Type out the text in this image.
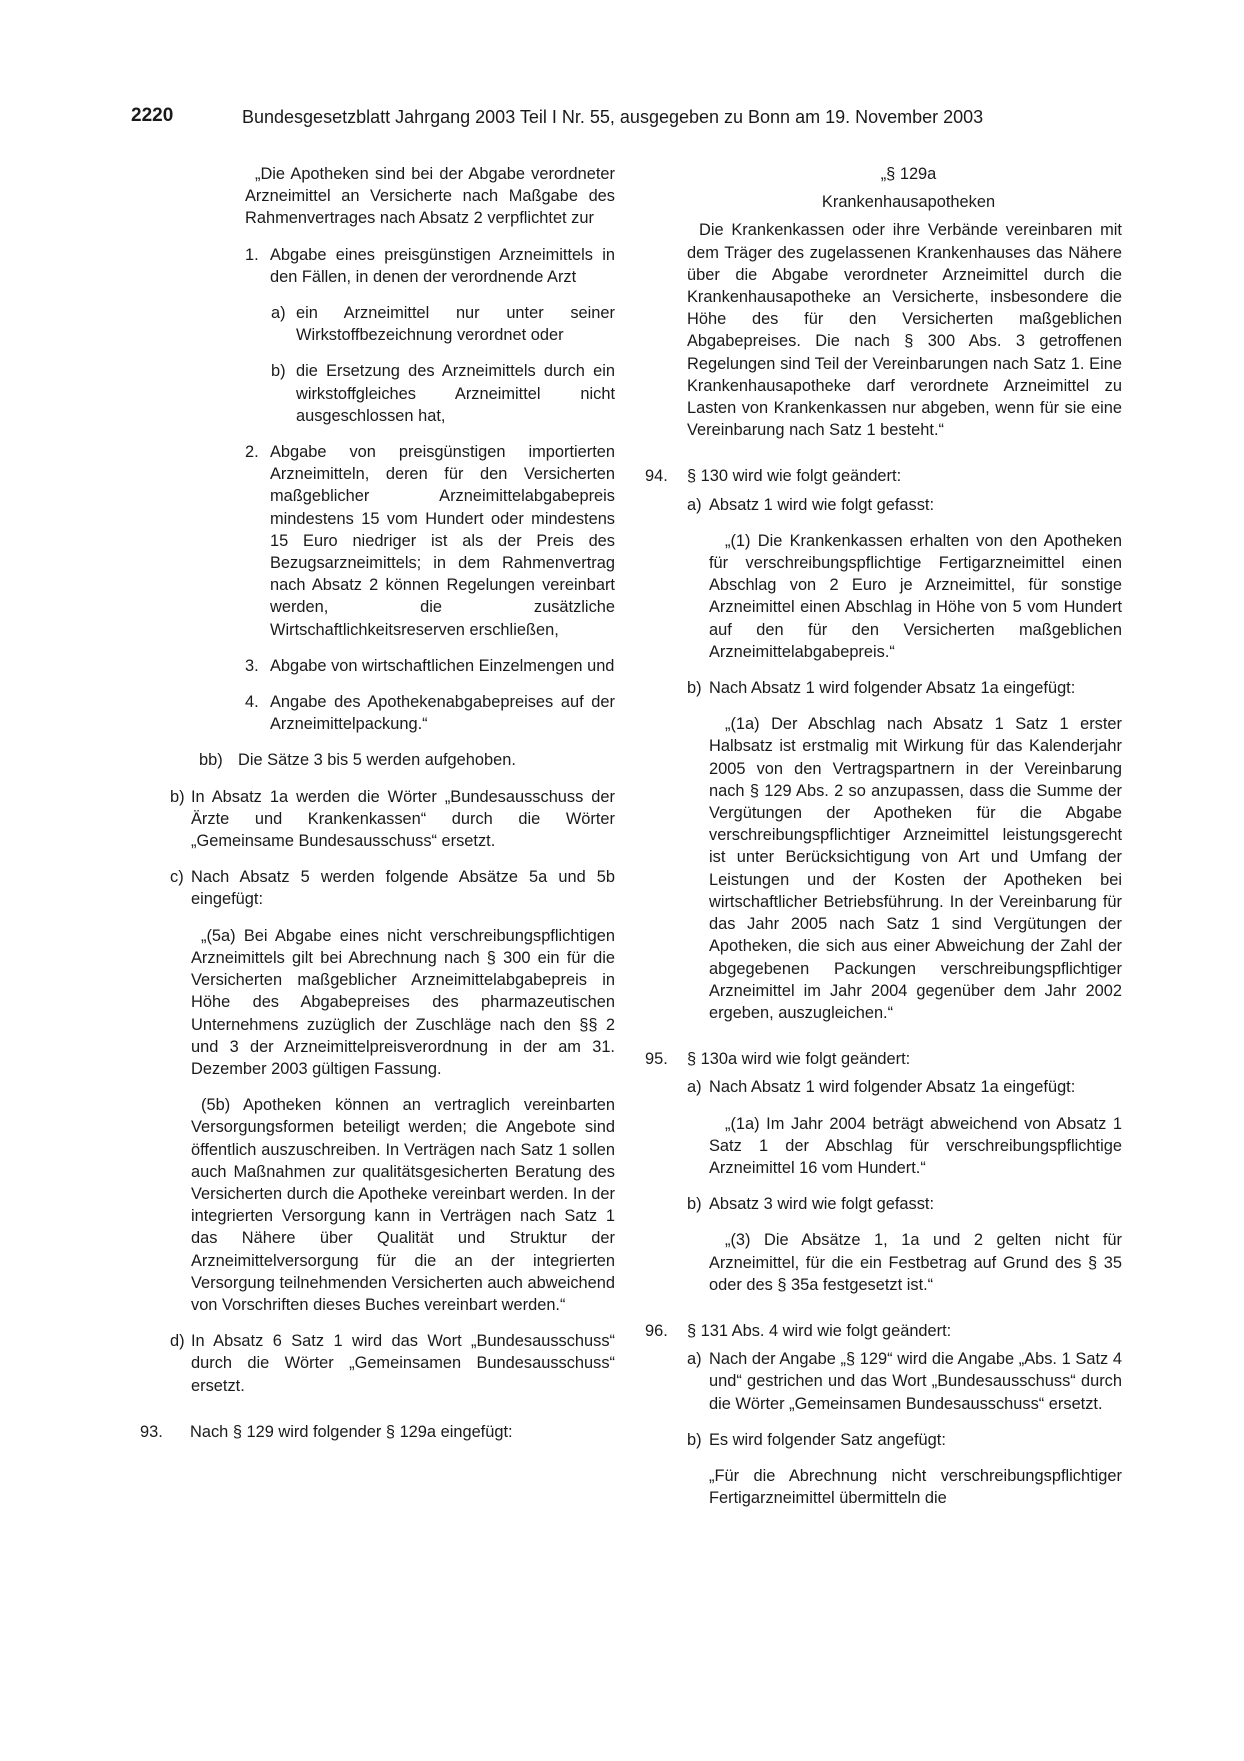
2220	Bundesgesetzblatt Jahrgang 2003 Teil I Nr. 55, ausgegeben zu Bonn am 19. November 2003

„Die Apotheken sind bei der Abgabe verordneter Arzneimittel an Versicherte nach Maßgabe des Rahmenvertrages nach Absatz 2 verpflichtet zur

1. Abgabe eines preisgünstigen Arzneimittels in den Fällen, in denen der verordnende Arzt
a) ein Arzneimittel nur unter seiner Wirkstoffbezeichnung verordnet oder
b) die Ersetzung des Arzneimittels durch ein wirkstoffgleiches Arzneimittel nicht ausgeschlossen hat,
2. Abgabe von preisgünstigen importierten Arzneimitteln, deren für den Versicherten maßgeblicher Arzneimittelabgabepreis mindestens 15 vom Hundert oder mindestens 15 Euro niedriger ist als der Preis des Bezugsarzneimittels; in dem Rahmenvertrag nach Absatz 2 können Regelungen vereinbart werden, die zusätzliche Wirtschaftlichkeitsreserven erschließen,
3. Abgabe von wirtschaftlichen Einzelmengen und
4. Angabe des Apothekenabgabepreises auf der Arzneimittelpackung.“
bb) Die Sätze 3 bis 5 werden aufgehoben.
b) In Absatz 1a werden die Wörter „Bundesausschuss der Ärzte und Krankenkassen“ durch die Wörter „Gemeinsame Bundesausschuss“ ersetzt.
c) Nach Absatz 5 werden folgende Absätze 5a und 5b eingefügt:

„(5a) Bei Abgabe eines nicht verschreibungspflichtigen Arzneimittels gilt bei Abrechnung nach § 300 ein für die Versicherten maßgeblicher Arzneimittelabgabepreis in Höhe des Abgabepreises des pharmazeutischen Unternehmens zuzüglich der Zuschläge nach den §§ 2 und 3 der Arzneimittelpreisverordnung in der am 31. Dezember 2003 gültigen Fassung.

(5b) Apotheken können an vertraglich vereinbarten Versorgungsformen beteiligt werden; die Angebote sind öffentlich auszuschreiben. In Verträgen nach Satz 1 sollen auch Maßnahmen zur qualitätsgesicherten Beratung des Versicherten durch die Apotheke vereinbart werden. In der integrierten Versorgung kann in Verträgen nach Satz 1 das Nähere über Qualität und Struktur der Arzneimittelversorgung für die an der integrierten Versorgung teilnehmenden Versicherten auch abweichend von Vorschriften dieses Buches vereinbart werden.“

d) In Absatz 6 Satz 1 wird das Wort „Bundesausschuss“ durch die Wörter „Gemeinsamen Bundesausschuss“ ersetzt.
93. Nach § 129 wird folgender § 129a eingefügt:

„§ 129a

Krankenhausapotheken

Die Krankenkassen oder ihre Verbände vereinbaren mit dem Träger des zugelassenen Krankenhauses das Nähere über die Abgabe verordneter Arzneimittel durch die Krankenhausapotheke an Versicherte, insbesondere die Höhe des für den Versicherten maßgeblichen Abgabepreises. Die nach § 300 Abs. 3 getroffenen Regelungen sind Teil der Vereinbarungen nach Satz 1. Eine Krankenhausapotheke darf verordnete Arzneimittel zu Lasten von Krankenkassen nur abgeben, wenn für sie eine Vereinbarung nach Satz 1 besteht.“

94. § 130 wird wie folgt geändert:
a) Absatz 1 wird wie folgt gefasst:

„(1) Die Krankenkassen erhalten von den Apotheken für verschreibungspflichtige Fertigarzneimittel einen Abschlag von 2 Euro je Arzneimittel, für sonstige Arzneimittel einen Abschlag in Höhe von 5 vom Hundert auf den für den Versicherten maßgeblichen Arzneimittelabgabepreis.“

b) Nach Absatz 1 wird folgender Absatz 1a eingefügt:

„(1a) Der Abschlag nach Absatz 1 Satz 1 erster Halbsatz ist erstmalig mit Wirkung für das Kalenderjahr 2005 von den Vertragspartnern in der Vereinbarung nach § 129 Abs. 2 so anzupassen, dass die Summe der Vergütungen der Apotheken für die Abgabe verschreibungspflichtiger Arzneimittel leistungsgerecht ist unter Berücksichtigung von Art und Umfang der Leistungen und der Kosten der Apotheken bei wirtschaftlicher Betriebsführung. In der Vereinbarung für das Jahr 2005 nach Satz 1 sind Vergütungen der Apotheken, die sich aus einer Abweichung der Zahl der abgegebenen Packungen verschreibungspflichtiger Arzneimittel im Jahr 2004 gegenüber dem Jahr 2002 ergeben, auszugleichen.“

95. § 130a wird wie folgt geändert:
a) Nach Absatz 1 wird folgender Absatz 1a eingefügt:

„(1a) Im Jahr 2004 beträgt abweichend von Absatz 1 Satz 1 der Abschlag für verschreibungspflichtige Arzneimittel 16 vom Hundert.“

b) Absatz 3 wird wie folgt gefasst:

„(3) Die Absätze 1, 1a und 2 gelten nicht für Arzneimittel, für die ein Festbetrag auf Grund des § 35 oder des § 35a festgesetzt ist.“

96. § 131 Abs. 4 wird wie folgt geändert:
a) Nach der Angabe „§ 129“ wird die Angabe „Abs. 1 Satz 4 und“ gestrichen und das Wort „Bundesausschuss“ durch die Wörter „Gemeinsamen Bundesausschuss“ ersetzt.
b) Es wird folgender Satz angefügt:

„Für die Abrechnung nicht verschreibungspflichtiger Fertigarzneimittel übermitteln die
